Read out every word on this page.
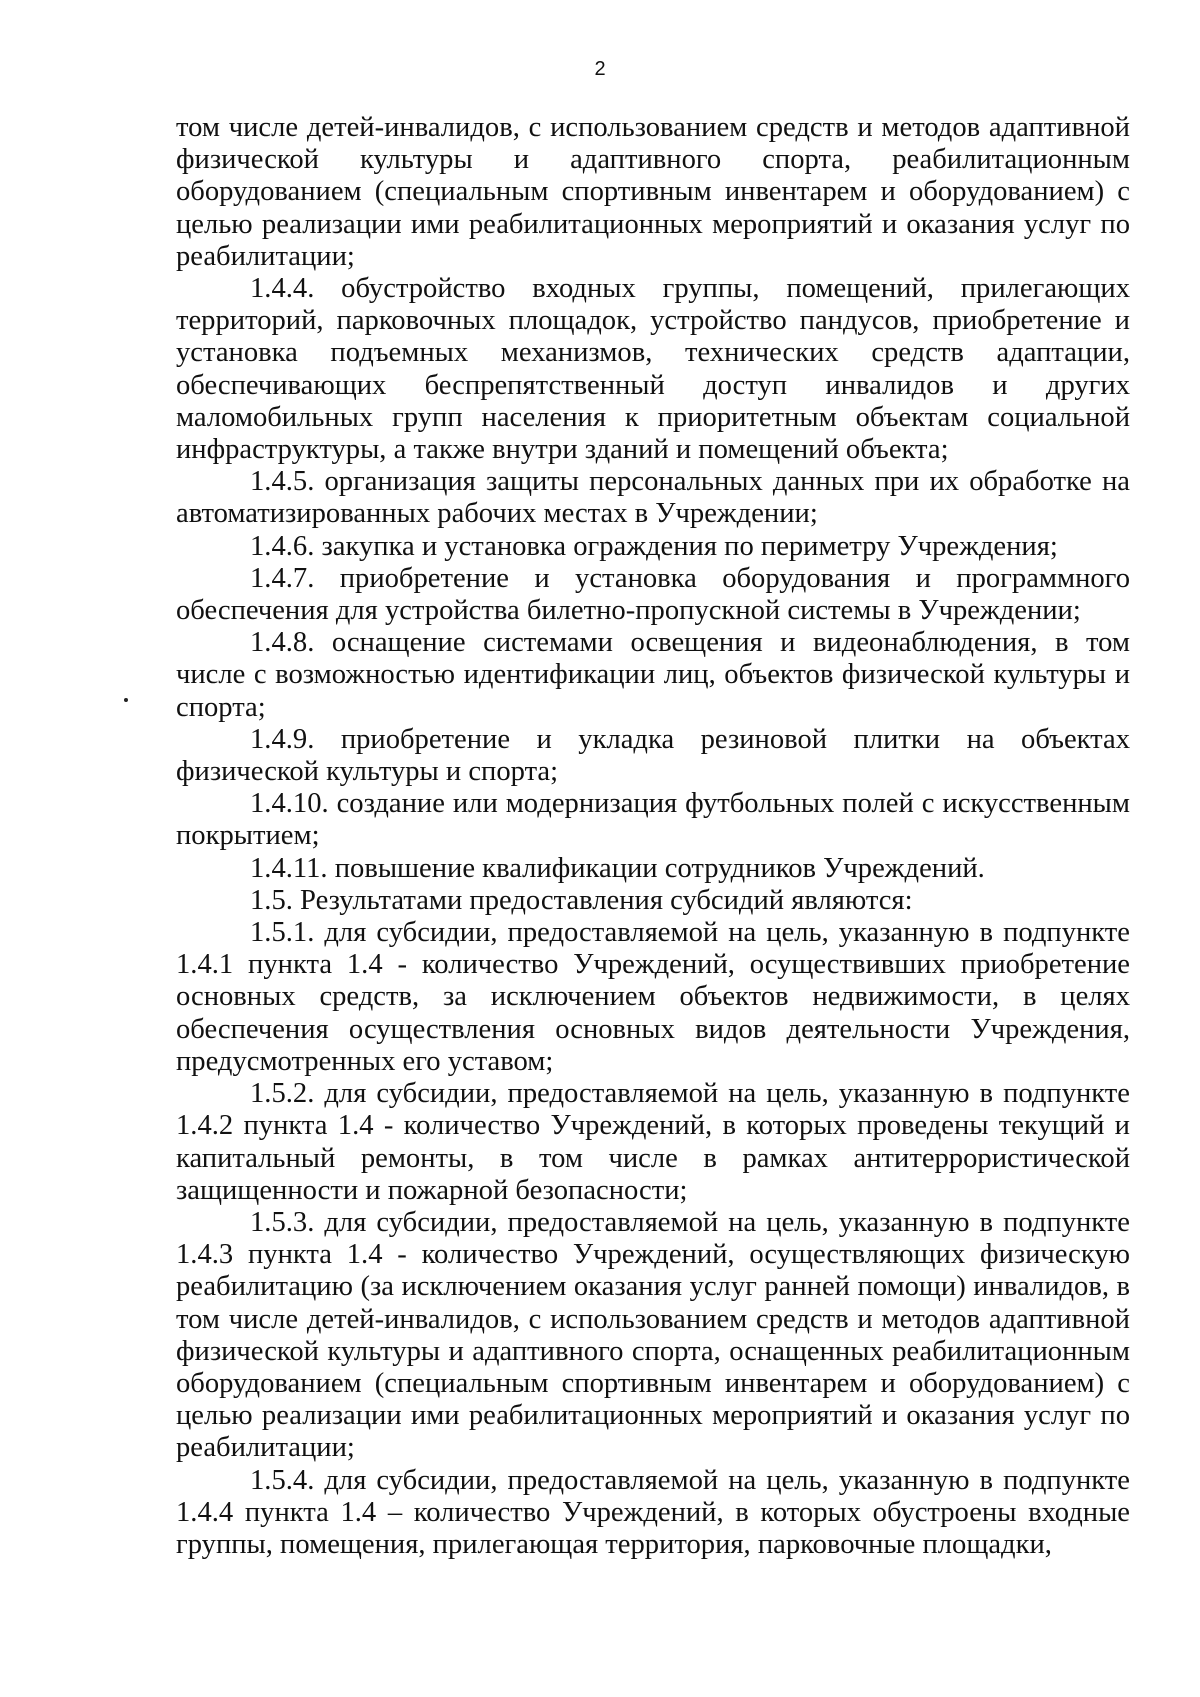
2

том числе детей-инвалидов, с использованием средств и методов адаптивной физической культуры и адаптивного спорта, реабилитационным оборудованием (специальным спортивным инвентарем и оборудованием) с целью реализации ими реабилитационных мероприятий и оказания услуг по реабилитации;

1.4.4. обустройство входных группы, помещений, прилегающих территорий, парковочных площадок, устройство пандусов, приобретение и установка подъемных механизмов, технических средств адаптации, обеспечивающих беспрепятственный доступ инвалидов и других маломобильных групп населения к приоритетным объектам социальной инфраструктуры, а также внутри зданий и помещений объекта;

1.4.5. организация защиты персональных данных при их обработке на автоматизированных рабочих местах в Учреждении;

1.4.6. закупка и установка ограждения по периметру Учреждения;

1.4.7. приобретение и установка оборудования и программного обеспечения для устройства билетно-пропускной системы в Учреждении;

1.4.8. оснащение системами освещения и видеонаблюдения, в том числе с возможностью идентификации лиц, объектов физической культуры и спорта;

1.4.9. приобретение и укладка резиновой плитки на объектах физической культуры и спорта;

1.4.10. создание или модернизация футбольных полей с искусственным покрытием;

1.4.11. повышение квалификации сотрудников Учреждений.

1.5. Результатами предоставления субсидий являются:

1.5.1. для субсидии, предоставляемой на цель, указанную в подпункте 1.4.1 пункта 1.4 - количество Учреждений, осуществивших приобретение основных средств, за исключением объектов недвижимости, в целях обеспечения осуществления основных видов деятельности Учреждения, предусмотренных его уставом;

1.5.2. для субсидии, предоставляемой на цель, указанную в подпункте 1.4.2 пункта 1.4 - количество Учреждений, в которых проведены текущий и капитальный ремонты, в том числе в рамках антитеррористической защищенности и пожарной безопасности;

1.5.3. для субсидии, предоставляемой на цель, указанную в подпункте 1.4.3 пункта 1.4 - количество Учреждений, осуществляющих физическую реабилитацию (за исключением оказания услуг ранней помощи) инвалидов, в том числе детей-инвалидов, с использованием средств и методов адаптивной физической культуры и адаптивного спорта, оснащенных реабилитационным оборудованием (специальным спортивным инвентарем и оборудованием) с целью реализации ими реабилитационных мероприятий и оказания услуг по реабилитации;

1.5.4. для субсидии, предоставляемой на цель, указанную в подпункте 1.4.4 пункта 1.4 – количество Учреждений, в которых обустроены входные группы, помещения, прилегающая территория, парковочные площадки,
